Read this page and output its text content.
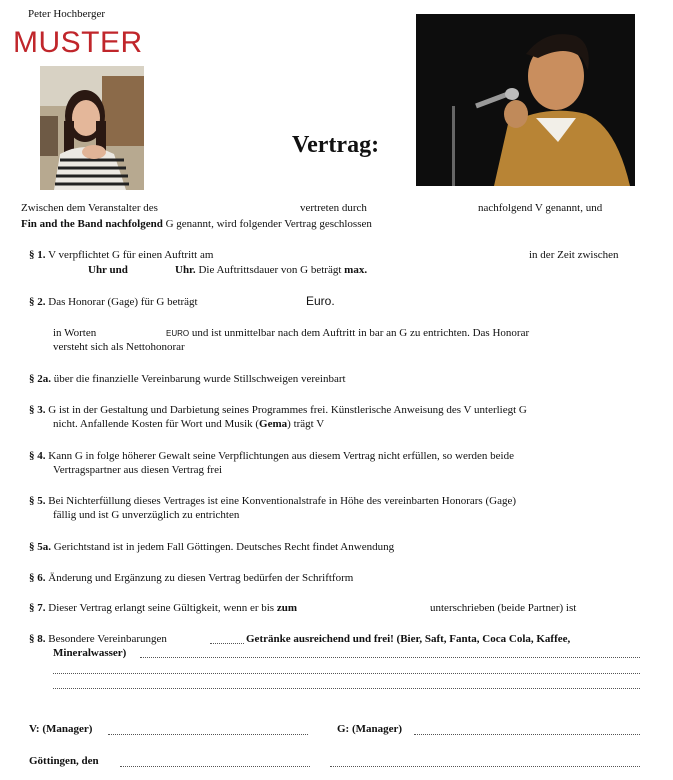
Peter Hochberger
MUSTER
Vertrag:
Zwischen dem Veranstalter des	vertreten durch	nachfolgend V genannt, und
Fin and the Band nachfolgend G genannt, wird folgender Vertrag geschlossen
§ 1. V verpflichtet G für einen Auftritt am	in der Zeit zwischen
Uhr und	Uhr. Die Auftrittsdauer von G beträgt max.
§ 2. Das Honorar (Gage) für G beträgt	Euro.
in Worten	EURO und ist unmittelbar nach dem Auftritt in bar an G zu entrichten. Das Honorar
versteht sich als Nettohonorar
§ 2a. über die finanzielle Vereinbarung wurde Stillschweigen vereinbart
§ 3. G ist in der Gestaltung und Darbietung seines Programmes frei. Künstlerische Anweisung des V unterliegt G
nicht. Anfallende Kosten für Wort und Musik (Gema) trägt V
§ 4. Kann G in folge höherer Gewalt seine Verpflichtungen aus diesem Vertrag nicht erfüllen, so werden beide
Vertragspartner aus diesen Vertrag frei
§ 5. Bei Nichterfüllung dieses Vertrages ist eine Konventionalstrafe in Höhe des vereinbarten Honorars (Gage)
fällig und ist G unverzüglich zu entrichten
§ 5a. Gerichtstand ist in jedem Fall Göttingen. Deutsches Recht findet Anwendung
§ 6. Änderung und Ergänzung zu diesen Vertrag bedürfen der Schriftform
§ 7. Dieser Vertrag erlangt seine Gültigkeit, wenn er bis zum	unterschrieben (beide Partner) ist
§ 8. Besondere Vereinbarungen	Getränke ausreichend und frei! (Bier, Saft, Fanta, Coca Cola, Kaffee,
Mineralwasser)
V: (Manager)	G: (Manager)
Göttingen, den
